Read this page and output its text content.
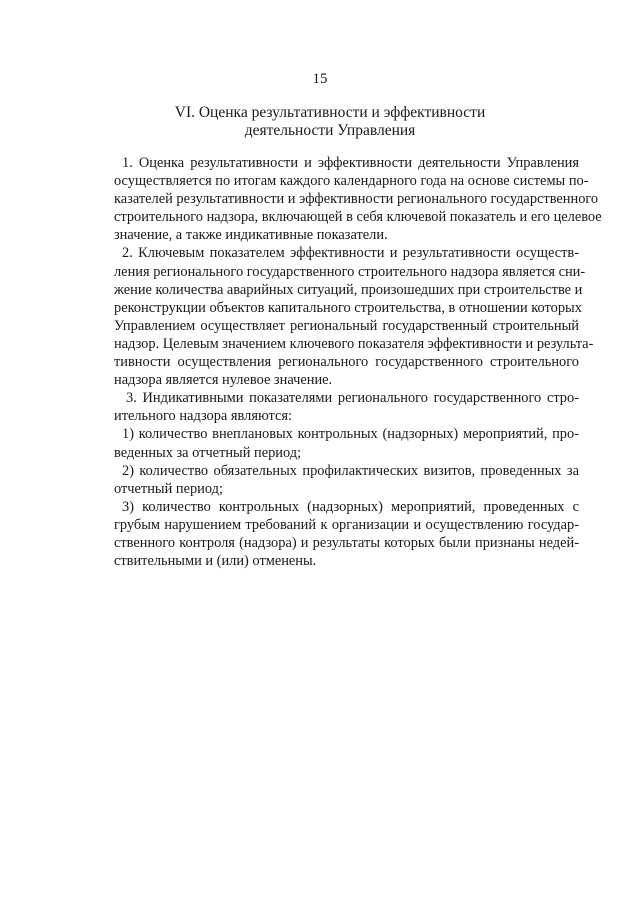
15
VI. Оценка результативности и эффективности
деятельности Управления
1. Оценка результативности и эффективности деятельности Управления
осуществляется по итогам каждого календарного года на основе системы по-
казателей результативности и эффективности регионального государственного
строительного надзора, включающей в себя ключевой показатель и его целевое
значение, а также индикативные показатели.
2. Ключевым показателем эффективности и результативности осуществ-
ления регионального государственного строительного надзора является сни-
жение количества аварийных ситуаций, произошедших при строительстве и
реконструкции объектов капитального строительства, в отношении которых
Управлением осуществляет региональный государственный строительный
надзор. Целевым значением ключевого показателя эффективности и результа-
тивности осуществления регионального государственного строительного
надзора является нулевое значение.
3. Индикативными показателями регионального государственного стро-
ительного надзора являются:
1) количество внеплановых контрольных (надзорных) мероприятий, про-
веденных за отчетный период;
2) количество обязательных профилактических визитов, проведенных за
отчетный период;
3) количество контрольных (надзорных) мероприятий, проведенных с
грубым нарушением требований к организации и осуществлению государ-
ственного контроля (надзора) и результаты которых были признаны недей-
ствительными и (или) отменены.
